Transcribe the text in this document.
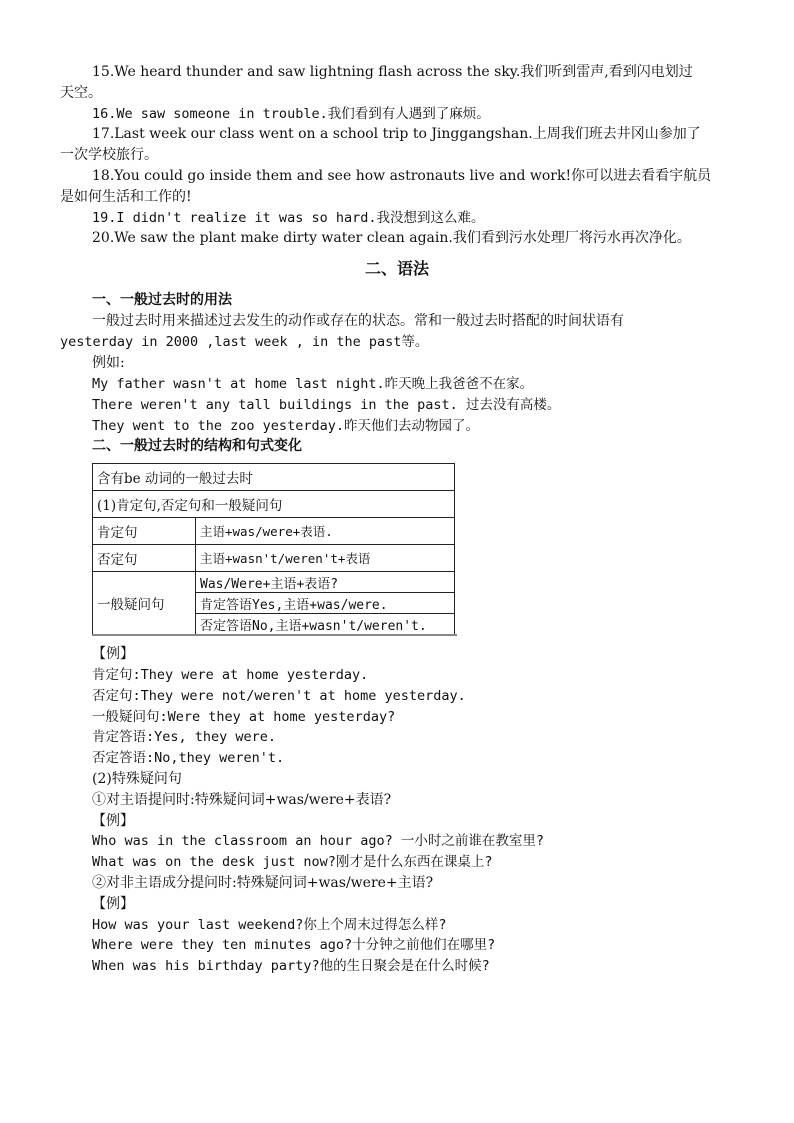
15.We heard thunder and saw lightning flash across the sky.我们听到雷声,看到闪电划过
天空。
16.We saw someone in trouble.我们看到有人遇到了麻烦。
17.Last week our class went on a school trip to Jinggangshan.上周我们班去井冈山参加了
一次学校旅行。
18.You could go inside them and see how astronauts live and work!你可以进去看看宇航员
是如何生活和工作的!
19.I didn't realize it was so hard.我没想到这么难。
20.We saw the plant make dirty water clean again.我们看到污水处理厂将污水再次净化。
二、语法
一、一般过去时的用法
一般过去时用来描述过去发生的动作或存在的状态。常和一般过去时搭配的时间状语有
yesterday in 2000 ,last week , in the past等。
例如:
My father wasn't at home last night.昨天晚上我爸爸不在家。
There weren't any tall buildings in the past. 过去没有高楼。
They went to the zoo yesterday.昨天他们去动物园了。
二、一般过去时的结构和句式变化
含有be 动词的一般过去时	
(1)肯定句,否定句和一般疑问句	
肯定句	主语+was/were+表语.
否定句	主语+wasn't/weren't+表语
一般疑问句	Was/Were+主语+表语?
	肯定答语Yes,主语+was/were.
	否定答语No,主语+wasn't/weren't.
【例】
肯定句:They were at home yesterday.
否定句:They were not/weren't at home yesterday.
一般疑问句:Were they at home yesterday?
肯定答语:Yes, they were.
否定答语:No,they weren't.
(2)特殊疑问句
①对主语提问时:特殊疑问词+was/were+表语?
【例】
Who was in the classroom an hour ago? 一小时之前谁在教室里?
What was on the desk just now?刚才是什么东西在课桌上?
②对非主语成分提问时:特殊疑问词+was/were+主语?
【例】
How was your last weekend?你上个周末过得怎么样?
Where were they ten minutes ago?十分钟之前他们在哪里?
When was his birthday party?他的生日聚会是在什么时候?
